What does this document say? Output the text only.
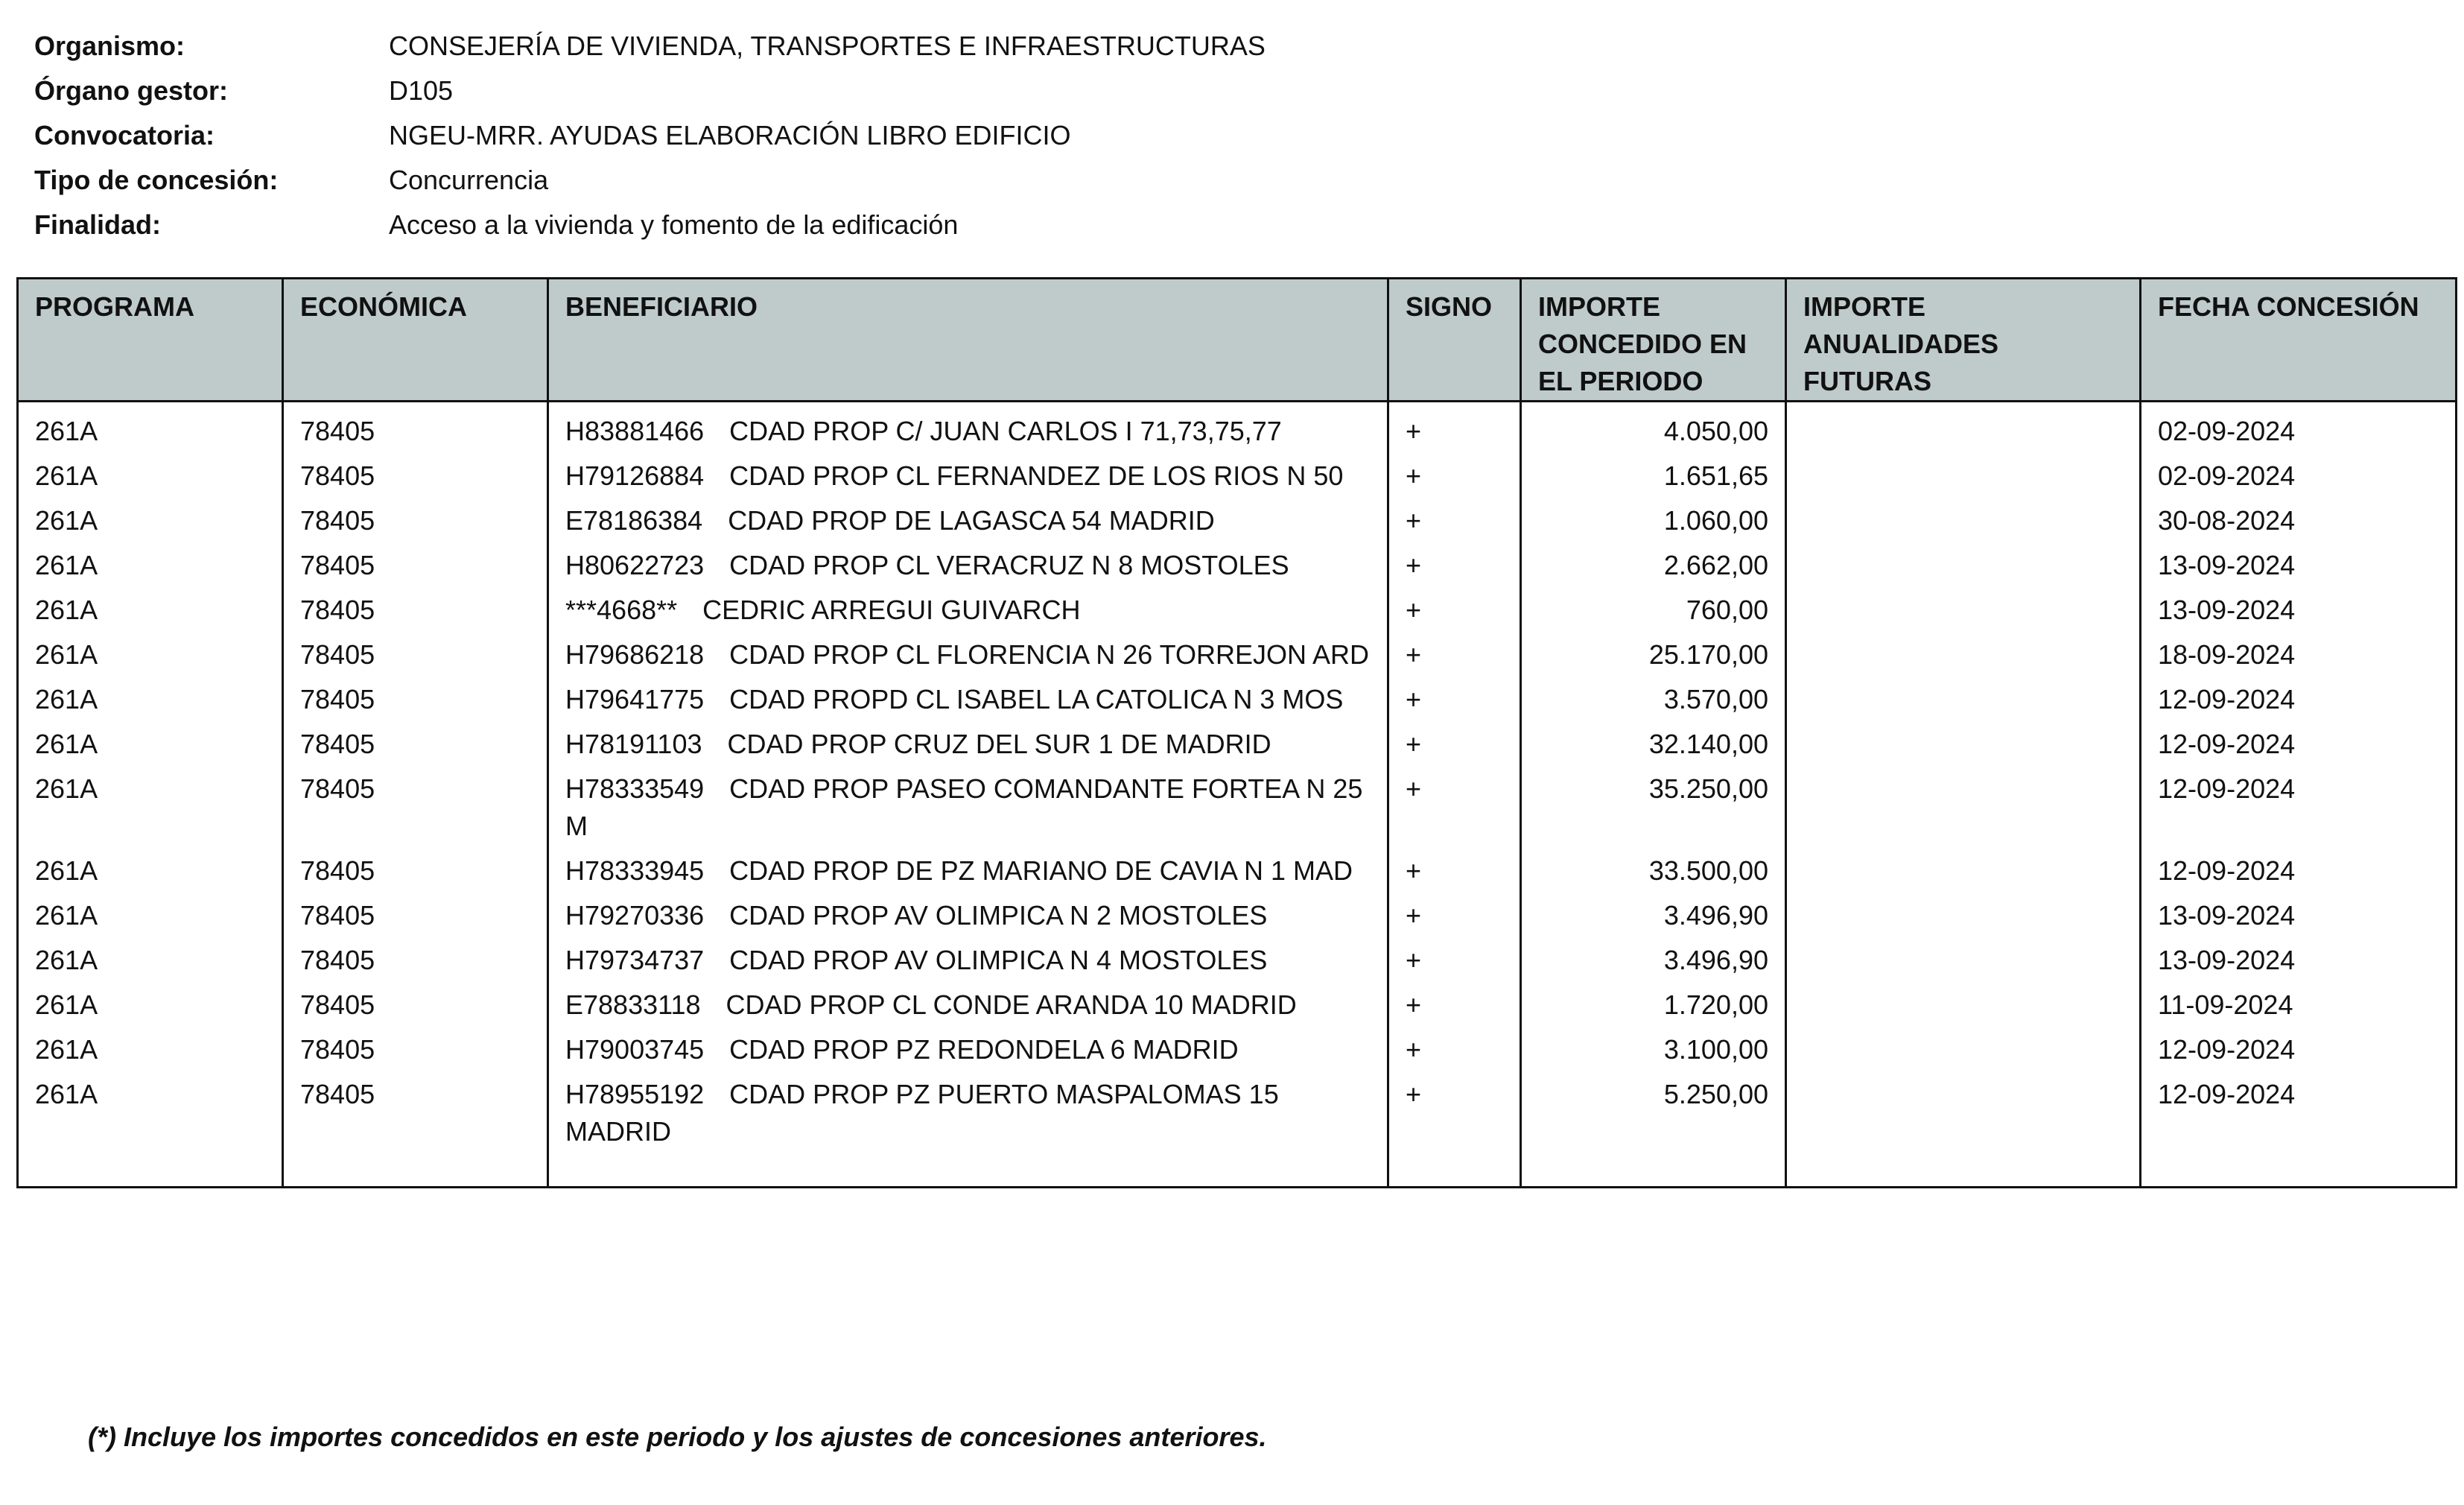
Organismo:	CONSEJERÍA DE VIVIENDA, TRANSPORTES E INFRAESTRUCTURAS
Órgano gestor:	D105
Convocatoria:	NGEU-MRR. AYUDAS ELABORACIÓN LIBRO EDIFICIO
Tipo de concesión:	Concurrencia
Finalidad:	Acceso a la vivienda y fomento de la edificación
PROGRAMA	ECONÓMICA	BENEFICIARIO	SIGNO	IMPORTE CONCEDIDO EN EL PERIODO	IMPORTE ANUALIDADES FUTURAS	FECHA CONCESIÓN
261A	78405	H83881466 CDAD PROP C/ JUAN CARLOS I 71,73,75,77	+	4.050,00		02-09-2024
261A	78405	H79126884 CDAD PROP CL FERNANDEZ DE LOS RIOS N 50	+	1.651,65		02-09-2024
261A	78405	E78186384 CDAD PROP DE LAGASCA 54 MADRID	+	1.060,00		30-08-2024
261A	78405	H80622723 CDAD PROP CL VERACRUZ N 8 MOSTOLES	+	2.662,00		13-09-2024
261A	78405	***4668** CEDRIC ARREGUI GUIVARCH	+	760,00		13-09-2024
261A	78405	H79686218 CDAD PROP CL FLORENCIA N 26 TORREJON ARD	+	25.170,00		18-09-2024
261A	78405	H79641775 CDAD PROPD CL ISABEL LA CATOLICA N 3 MOS	+	3.570,00		12-09-2024
261A	78405	H78191103 CDAD PROP CRUZ DEL SUR 1 DE MADRID	+	32.140,00		12-09-2024
261A	78405	H78333549 CDAD PROP PASEO COMANDANTE FORTEA N 25 M	+	35.250,00		12-09-2024
261A	78405	H78333945 CDAD PROP DE PZ MARIANO DE CAVIA N 1 MAD	+	33.500,00		12-09-2024
261A	78405	H79270336 CDAD PROP AV OLIMPICA N 2 MOSTOLES	+	3.496,90		13-09-2024
261A	78405	H79734737 CDAD PROP AV OLIMPICA N 4 MOSTOLES	+	3.496,90		13-09-2024
261A	78405	E78833118 CDAD PROP CL CONDE ARANDA 10 MADRID	+	1.720,00		11-09-2024
261A	78405	H79003745 CDAD PROP PZ REDONDELA 6 MADRID	+	3.100,00		12-09-2024
261A	78405	H78955192 CDAD PROP PZ PUERTO MASPALOMAS 15 MADRID	+	5.250,00		12-09-2024
(*) Incluye los importes concedidos en este periodo y los ajustes de concesiones anteriores.
